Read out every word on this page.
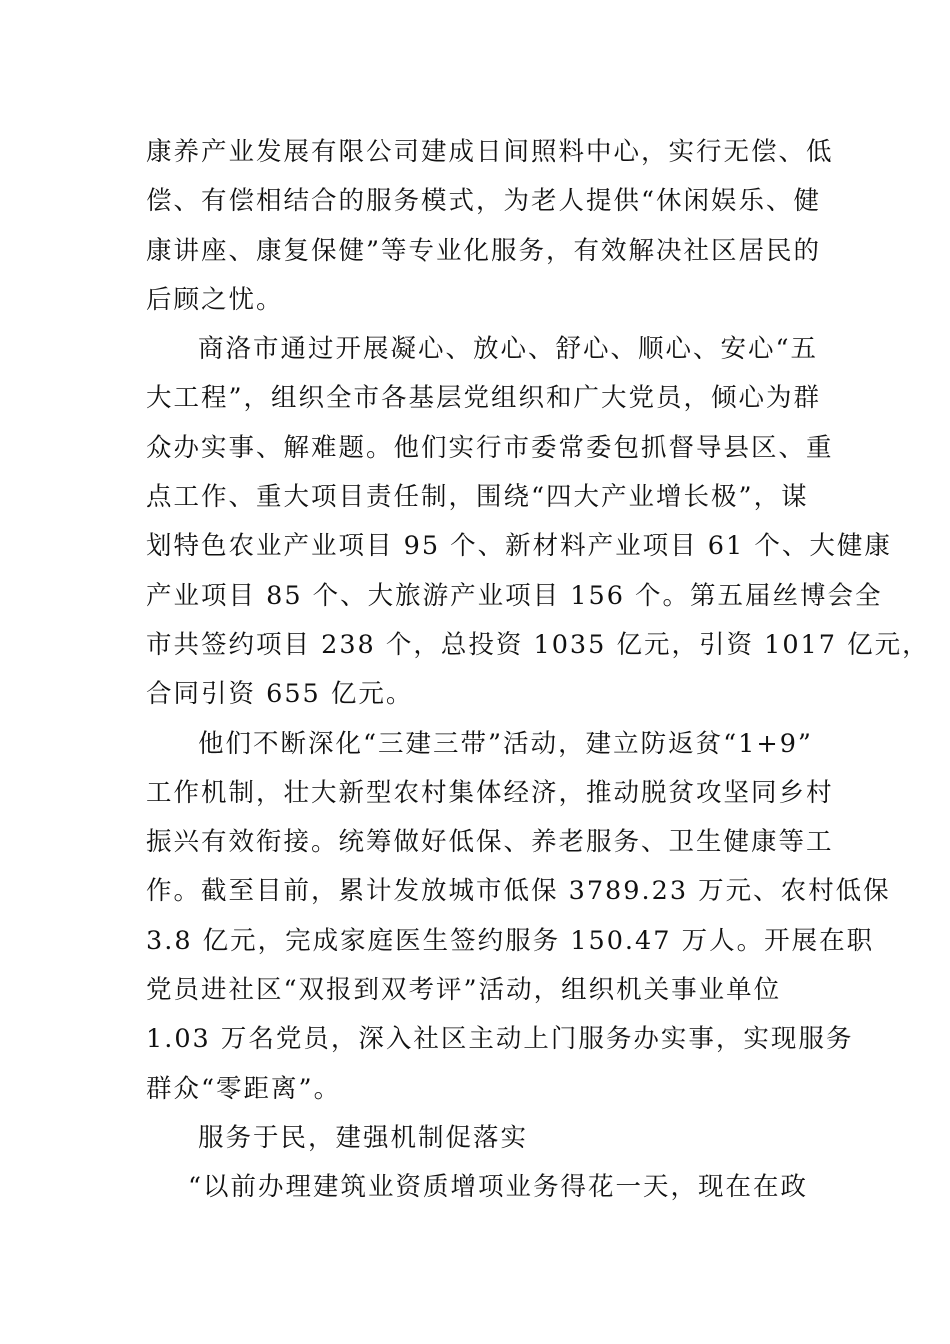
康养产业发展有限公司建成日间照料中心，实行无偿、低
偿、有偿相结合的服务模式，为老人提供“休闲娱乐、健
康讲座、康复保健”等专业化服务，有效解决社区居民的
后顾之忧。
商洛市通过开展凝心、放心、舒心、顺心、安心“五
大工程”，组织全市各基层党组织和广大党员，倾心为群
众办实事、解难题。他们实行市委常委包抓督导县区、重
点工作、重大项目责任制，围绕“四大产业增长极”，谋
划特色农业产业项目 95 个、新材料产业项目 61 个、大健康
产业项目 85 个、大旅游产业项目 156 个。第五届丝博会全
市共签约项目 238 个，总投资 1035 亿元，引资 1017 亿元，
合同引资 655 亿元。
他们不断深化“三建三带”活动，建立防返贫“1+9”
工作机制，壮大新型农村集体经济，推动脱贫攻坚同乡村
振兴有效衔接。统筹做好低保、养老服务、卫生健康等工
作。截至目前，累计发放城市低保 3789.23 万元、农村低保
3.8 亿元，完成家庭医生签约服务 150.47 万人。开展在职
党员进社区“双报到双考评”活动，组织机关事业单位
1.03 万名党员，深入社区主动上门服务办实事，实现服务
群众“零距离”。
服务于民，建强机制促落实
“以前办理建筑业资质增项业务得花一天，现在在政
